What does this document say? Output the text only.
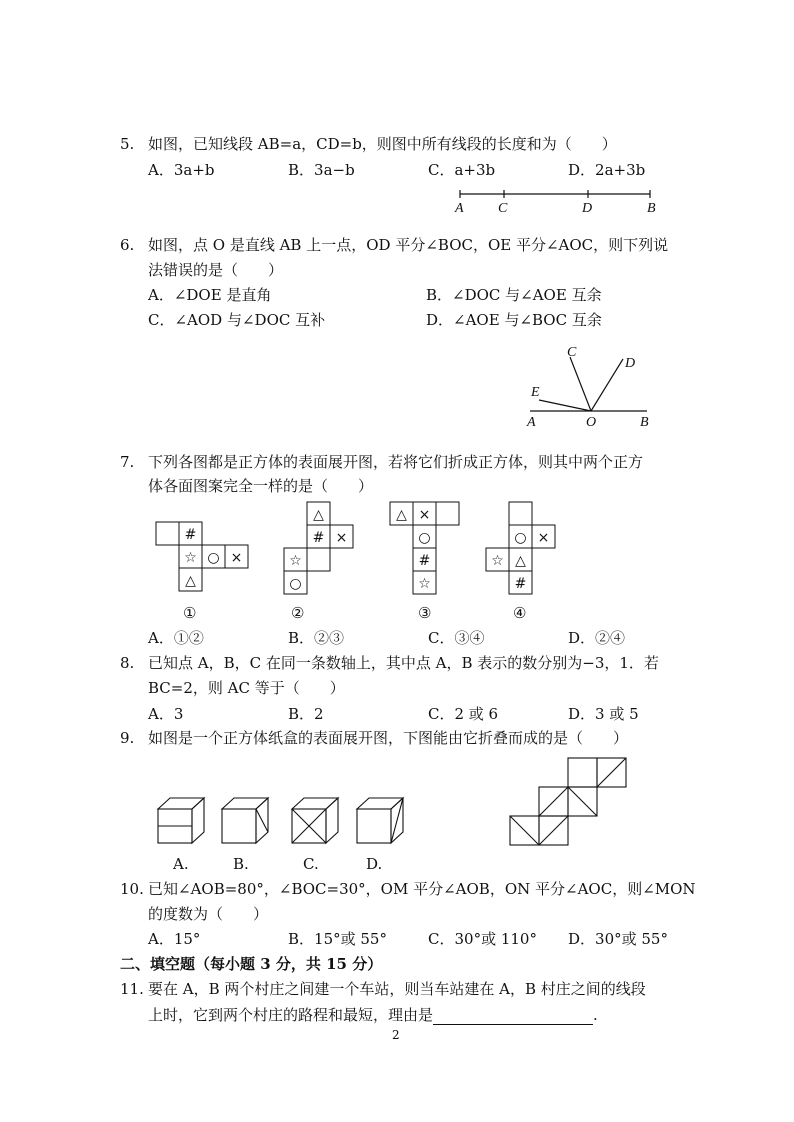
5. 如图，已知线段 AB=a，CD=b，则图中所有线段的长度和为（　　）
A．3a+b	B．3a−b	C．a+3b	D．2a+3b
A C	D	B
6. 如图，点 O 是直线 AB 上一点，OD 平分∠BOC，OE 平分∠AOC，则下列说
法错误的是（　　）
A．∠DOE 是直角	B．∠DOC 与∠AOE 互余
C．∠AOD 与∠DOC 互补	D．∠AOE 与∠BOC 互余
C
D
E
A	O	B
7. 下列各图都是正方体的表面展开图，若将它们折成正方体，则其中两个正方
体各面图案完全一样的是（　　）
#
☆ ○ ×
△
△
# ×
☆
○
△ ×
○
#
☆
○ ×
☆ △
#
①	②	③	④
A．①②	B．②③	C．③④	D．②④
8. 已知点 A，B，C 在同一条数轴上，其中点 A，B 表示的数分别为−3，1．若
BC=2，则 AC 等于（　　）
A．3	B．2	C．2 或 6	D．3 或 5
9. 如图是一个正方体纸盒的表面展开图，下图能由它折叠而成的是（　　）
A.	B.	C.	D.
10. 已知∠AOB=80°，∠BOC=30°，OM 平分∠AOB，ON 平分∠AOC，则∠MON
的度数为（　　）
A．15°	B．15°或 55°	C．30°或 110° D．30°或 55°
二、填空题（每小题 3 分，共 15 分）
11. 要在 A，B 两个村庄之间建一个车站，则当车站建在 A，B 村庄之间的线段
上时，它到两个村庄的路程和最短，理由是	.
2
